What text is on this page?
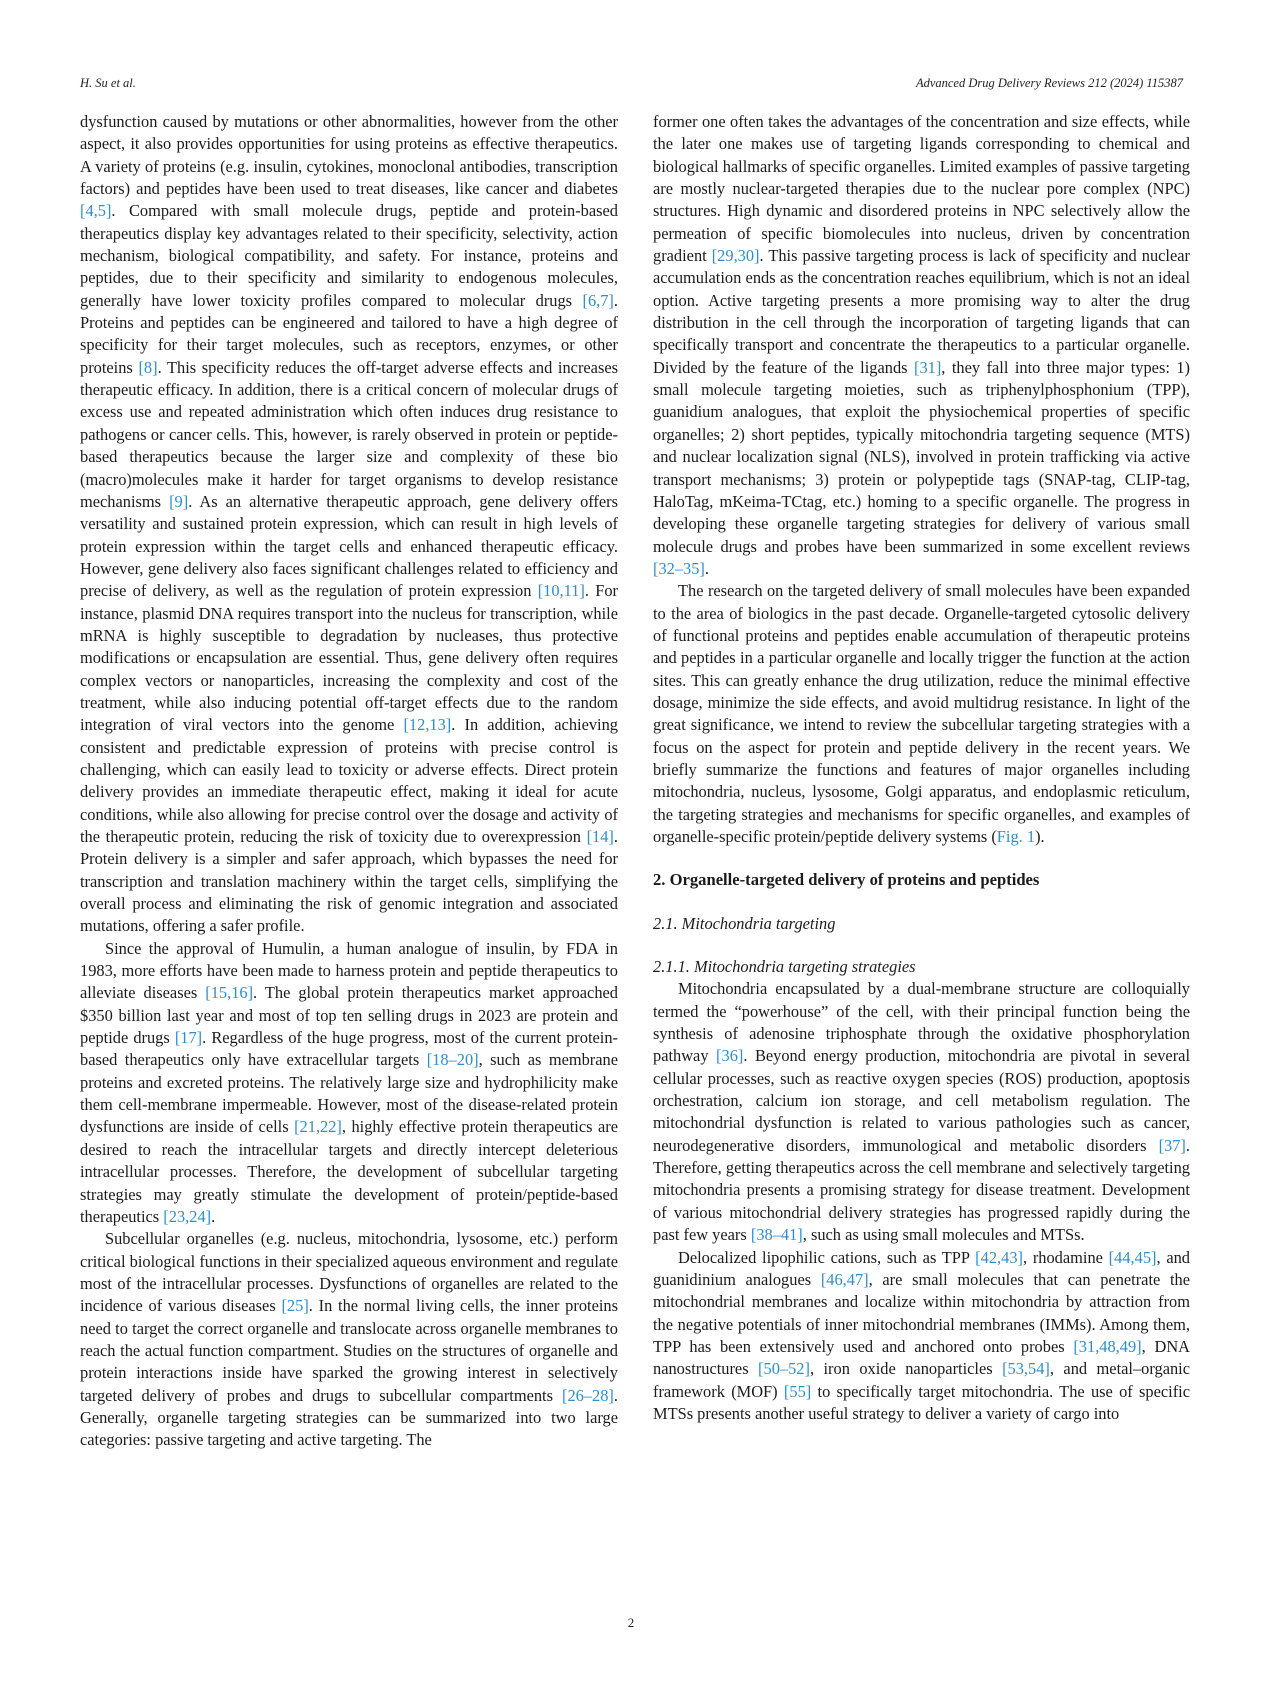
H. Su et al.	Advanced Drug Delivery Reviews 212 (2024) 115387

dysfunction caused by mutations or other abnormalities, however from the other aspect, it also provides opportunities for using proteins as effective therapeutics. A variety of proteins (e.g. insulin, cytokines, monoclonal antibodies, transcription factors) and peptides have been used to treat diseases, like cancer and diabetes [4,5]. Compared with small molecule drugs, peptide and protein-based therapeutics display key advantages related to their specificity, selectivity, action mechanism, biological compatibility, and safety. For instance, proteins and peptides, due to their specificity and similarity to endogenous molecules, generally have lower toxicity profiles compared to molecular drugs [6,7]. Proteins and peptides can be engineered and tailored to have a high degree of specificity for their target molecules, such as receptors, enzymes, or other proteins [8]. This specificity reduces the off-target adverse effects and increases therapeutic efficacy. In addition, there is a critical concern of molecular drugs of excess use and repeated administration which often induces drug resistance to pathogens or cancer cells. This, however, is rarely observed in protein or peptide-based therapeutics because the larger size and complexity of these bio (macro)molecules make it harder for target organisms to develop resistance mechanisms [9]. As an alternative therapeutic approach, gene delivery offers versatility and sustained protein expression, which can result in high levels of protein expression within the target cells and enhanced therapeutic efficacy. However, gene delivery also faces significant challenges related to efficiency and precise of delivery, as well as the regulation of protein expression [10,11]. For instance, plasmid DNA requires transport into the nucleus for transcription, while mRNA is highly susceptible to degradation by nucleases, thus protective modifications or encapsulation are essential. Thus, gene delivery often requires complex vectors or nanoparticles, increasing the complexity and cost of the treatment, while also inducing potential off-target effects due to the random integration of viral vectors into the genome [12,13]. In addition, achieving consistent and predictable expression of proteins with precise control is challenging, which can easily lead to toxicity or adverse effects. Direct protein delivery provides an immediate therapeutic effect, making it ideal for acute conditions, while also allowing for precise control over the dosage and activity of the therapeutic protein, reducing the risk of toxicity due to overexpression [14]. Protein delivery is a simpler and safer approach, which bypasses the need for transcription and translation machinery within the target cells, simplifying the overall process and eliminating the risk of genomic integration and associated mutations, offering a safer profile.

Since the approval of Humulin, a human analogue of insulin, by FDA in 1983, more efforts have been made to harness protein and peptide therapeutics to alleviate diseases [15,16]. The global protein therapeutics market approached $350 billion last year and most of top ten selling drugs in 2023 are protein and peptide drugs [17]. Regardless of the huge progress, most of the current protein-based therapeutics only have extracellular targets [18–20], such as membrane proteins and excreted proteins. The relatively large size and hydrophilicity make them cell-membrane impermeable. However, most of the disease-related protein dysfunctions are inside of cells [21,22], highly effective protein therapeutics are desired to reach the intracellular targets and directly intercept deleterious intracellular processes. Therefore, the development of subcellular targeting strategies may greatly stimulate the development of protein/peptide-based therapeutics [23,24].

Subcellular organelles (e.g. nucleus, mitochondria, lysosome, etc.) perform critical biological functions in their specialized aqueous environment and regulate most of the intracellular processes. Dysfunctions of organelles are related to the incidence of various diseases [25]. In the normal living cells, the inner proteins need to target the correct organelle and translocate across organelle membranes to reach the actual function compartment. Studies on the structures of organelle and protein interactions inside have sparked the growing interest in selectively targeted delivery of probes and drugs to subcellular compartments [26–28]. Generally, organelle targeting strategies can be summarized into two large categories: passive targeting and active targeting. The

former one often takes the advantages of the concentration and size effects, while the later one makes use of targeting ligands corresponding to chemical and biological hallmarks of specific organelles. Limited examples of passive targeting are mostly nuclear-targeted therapies due to the nuclear pore complex (NPC) structures. High dynamic and disordered proteins in NPC selectively allow the permeation of specific biomolecules into nucleus, driven by concentration gradient [29,30]. This passive targeting process is lack of specificity and nuclear accumulation ends as the concentration reaches equilibrium, which is not an ideal option. Active targeting presents a more promising way to alter the drug distribution in the cell through the incorporation of targeting ligands that can specifically transport and concentrate the therapeutics to a particular organelle. Divided by the feature of the ligands [31], they fall into three major types: 1) small molecule targeting moieties, such as triphenylphosphonium (TPP), guanidium analogues, that exploit the physiochemical properties of specific organelles; 2) short peptides, typically mitochondria targeting sequence (MTS) and nuclear localization signal (NLS), involved in protein trafficking via active transport mechanisms; 3) protein or polypeptide tags (SNAP-tag, CLIP-tag, HaloTag, mKeima-TCtag, etc.) homing to a specific organelle. The progress in developing these organelle targeting strategies for delivery of various small molecule drugs and probes have been summarized in some excellent reviews [32–35].

The research on the targeted delivery of small molecules have been expanded to the area of biologics in the past decade. Organelle-targeted cytosolic delivery of functional proteins and peptides enable accumulation of therapeutic proteins and peptides in a particular organelle and locally trigger the function at the action sites. This can greatly enhance the drug utilization, reduce the minimal effective dosage, minimize the side effects, and avoid multidrug resistance. In light of the great significance, we intend to review the subcellular targeting strategies with a focus on the aspect for protein and peptide delivery in the recent years. We briefly summarize the functions and features of major organelles including mitochondria, nucleus, lysosome, Golgi apparatus, and endoplasmic reticulum, the targeting strategies and mechanisms for specific organelles, and examples of organelle-specific protein/peptide delivery systems (Fig. 1).

2. Organelle-targeted delivery of proteins and peptides

2.1. Mitochondria targeting

2.1.1. Mitochondria targeting strategies

Mitochondria encapsulated by a dual-membrane structure are colloquially termed the “powerhouse” of the cell, with their principal function being the synthesis of adenosine triphosphate through the oxidative phosphorylation pathway [36]. Beyond energy production, mitochondria are pivotal in several cellular processes, such as reactive oxygen species (ROS) production, apoptosis orchestration, calcium ion storage, and cell metabolism regulation. The mitochondrial dysfunction is related to various pathologies such as cancer, neurodegenerative disorders, immunological and metabolic disorders [37]. Therefore, getting therapeutics across the cell membrane and selectively targeting mitochondria presents a promising strategy for disease treatment. Development of various mitochondrial delivery strategies has progressed rapidly during the past few years [38–41], such as using small molecules and MTSs.

Delocalized lipophilic cations, such as TPP [42,43], rhodamine [44,45], and guanidinium analogues [46,47], are small molecules that can penetrate the mitochondrial membranes and localize within mitochondria by attraction from the negative potentials of inner mitochondrial membranes (IMMs). Among them, TPP has been extensively used and anchored onto probes [31,48,49], DNA nanostructures [50–52], iron oxide nanoparticles [53,54], and metal–organic framework (MOF) [55] to specifically target mitochondria. The use of specific MTSs presents another useful strategy to deliver a variety of cargo into

2
